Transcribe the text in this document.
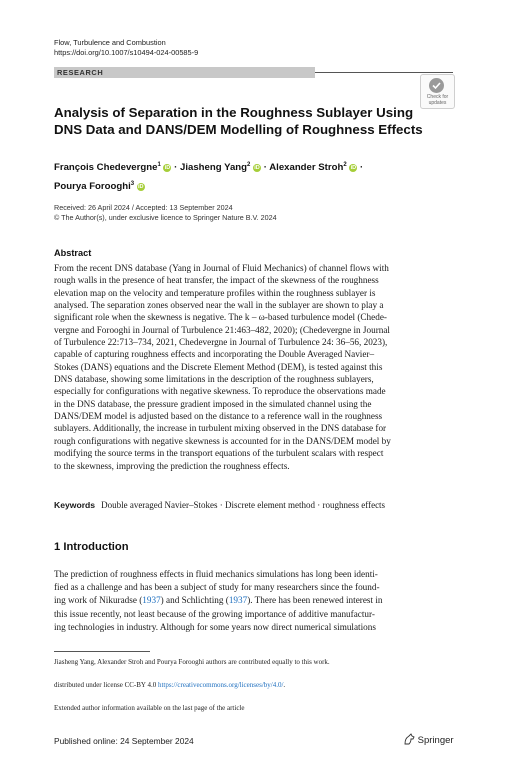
Flow, Turbulence and Combustion
https://doi.org/10.1007/s10494-024-00585-9
RESEARCH
Check for
updates
Analysis of Separation in the Roughness Sublayer Using DNS Data and DANS/DEM Modelling of Roughness Effects
François Chedevergne$^1$ iD · Jiasheng Yang$^2$ iD · Alexander Stroh$^2$ iD ·
Pourya Forooghi$^3$ iD
Received: 26 April 2024 / Accepted: 13 September 2024
© The Author(s), under exclusive licence to Springer Nature B.V. 2024
Abstract
From the recent DNS database (Yang in Journal of Fluid Mechanics) of channel flows with
rough walls in the presence of heat transfer, the impact of the skewness of the roughness
elevation map on the velocity and temperature profiles within the roughness sublayer is
analysed. The separation zones observed near the wall in the sublayer are shown to play a
significant role when the skewness is negative. The k – ω-based turbulence model (Chede-
vergne and Forooghi in Journal of Turbulence 21:463–482, 2020); (Chedevergne in Journal
of Turbulence 22:713–734, 2021, Chedevergne in Journal of Turbulence 24: 36–56, 2023),
capable of capturing roughness effects and incorporating the Double Averaged Navier–
Stokes (DANS) equations and the Discrete Element Method (DEM), is tested against this
DNS database, showing some limitations in the description of the roughness sublayers,
especially for configurations with negative skewness. To reproduce the observations made
in the DNS database, the pressure gradient imposed in the simulated channel using the
DANS/DEM model is adjusted based on the distance to a reference wall in the roughness
sublayers. Additionally, the increase in turbulent mixing observed in the DNS database for
rough configurations with negative skewness is accounted for in the DANS/DEM model by
modifying the source terms in the transport equations of the turbulent scalars with respect
to the skewness, improving the prediction the roughness effects.
Keywords Double averaged Navier–Stokes · Discrete element method · roughness effects
1 Introduction
The prediction of roughness effects in fluid mechanics simulations has long been identi-
fied as a challenge and has been a subject of study for many researchers since the found-
ing work of Nikuradse (1937) and Schlichting (1937). There has been renewed interest in
this issue recently, not least because of the growing importance of additive manufactur-
ing technologies in industry. Although for some years now direct numerical simulations
Jiasheng Yang, Alexander Stroh and Pourya Forooghi authors are contributed equally to this work.
distributed under license CC-BY 4.0 https://creativecommons.org/licenses/by/4.0/.
Extended author information available on the last page of the article
Published online: 24 September 2024	Springer
